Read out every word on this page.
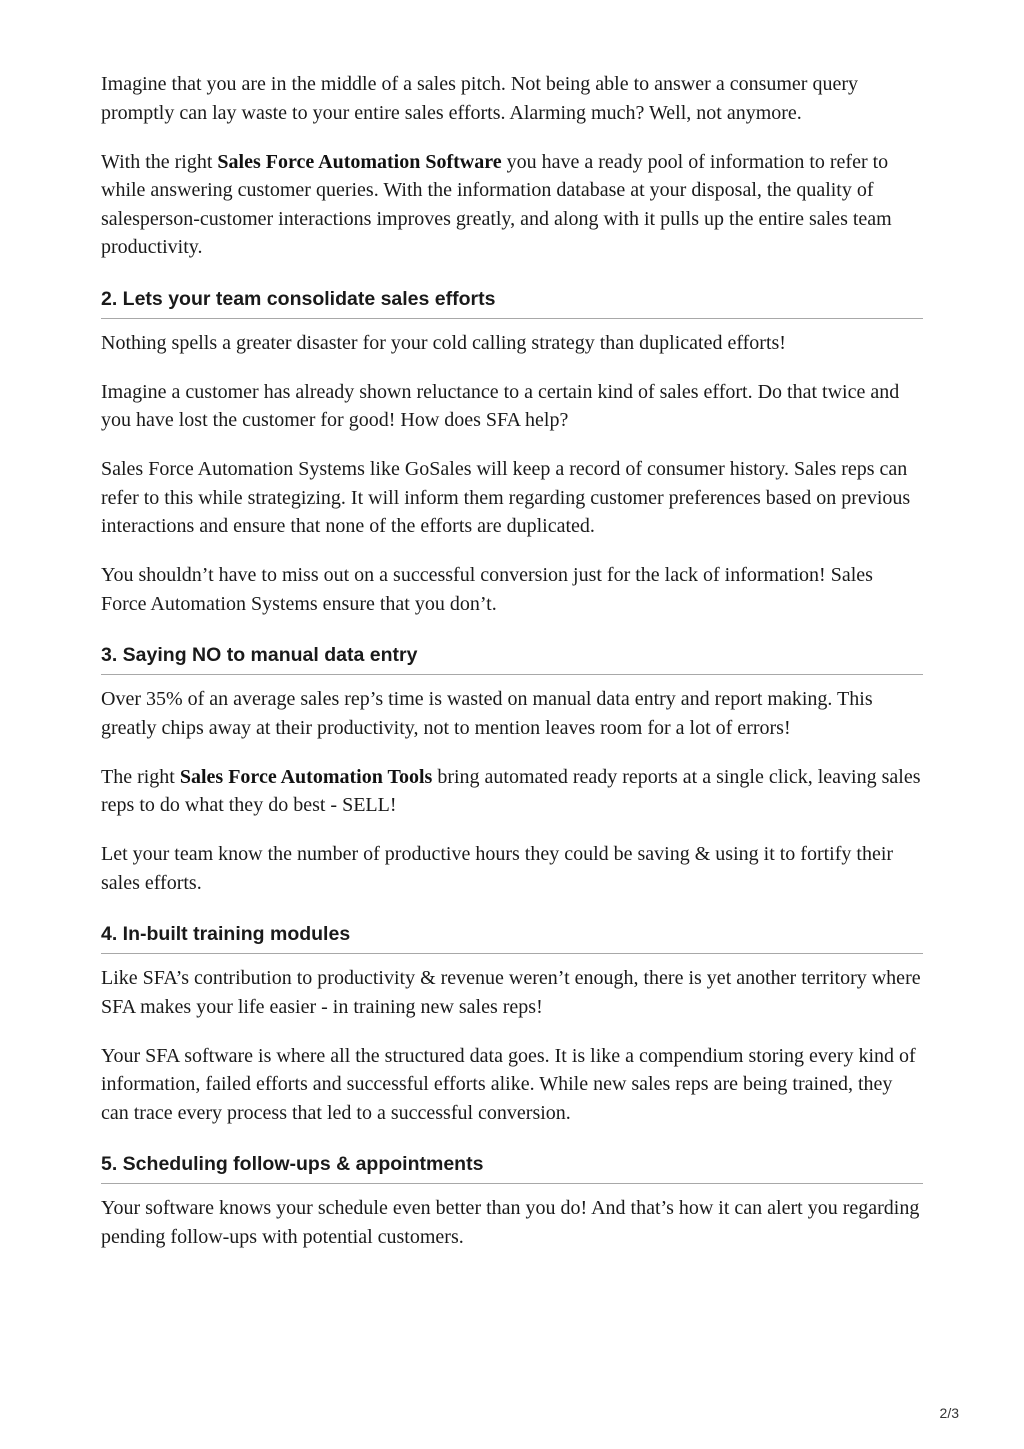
Imagine that you are in the middle of a sales pitch. Not being able to answer a consumer query promptly can lay waste to your entire sales efforts. Alarming much? Well, not anymore.

With the right Sales Force Automation Software you have a ready pool of information to refer to while answering customer queries. With the information database at your disposal, the quality of salesperson-customer interactions improves greatly, and along with it pulls up the entire sales team productivity.

2. Lets your team consolidate sales efforts

Nothing spells a greater disaster for your cold calling strategy than duplicated efforts!

Imagine a customer has already shown reluctance to a certain kind of sales effort. Do that twice and you have lost the customer for good! How does SFA help?

Sales Force Automation Systems like GoSales will keep a record of consumer history. Sales reps can refer to this while strategizing. It will inform them regarding customer preferences based on previous interactions and ensure that none of the efforts are duplicated.

You shouldn’t have to miss out on a successful conversion just for the lack of information! Sales Force Automation Systems ensure that you don’t.

3. Saying NO to manual data entry

Over 35% of an average sales rep’s time is wasted on manual data entry and report making. This greatly chips away at their productivity, not to mention leaves room for a lot of errors!

The right Sales Force Automation Tools bring automated ready reports at a single click, leaving sales reps to do what they do best - SELL!

Let your team know the number of productive hours they could be saving & using it to fortify their sales efforts.

4. In-built training modules

Like SFA’s contribution to productivity & revenue weren’t enough, there is yet another territory where SFA makes your life easier - in training new sales reps!

Your SFA software is where all the structured data goes. It is like a compendium storing every kind of information, failed efforts and successful efforts alike. While new sales reps are being trained, they can trace every process that led to a successful conversion.

5. Scheduling follow-ups & appointments

Your software knows your schedule even better than you do! And that’s how it can alert you regarding pending follow-ups with potential customers.

2/3
